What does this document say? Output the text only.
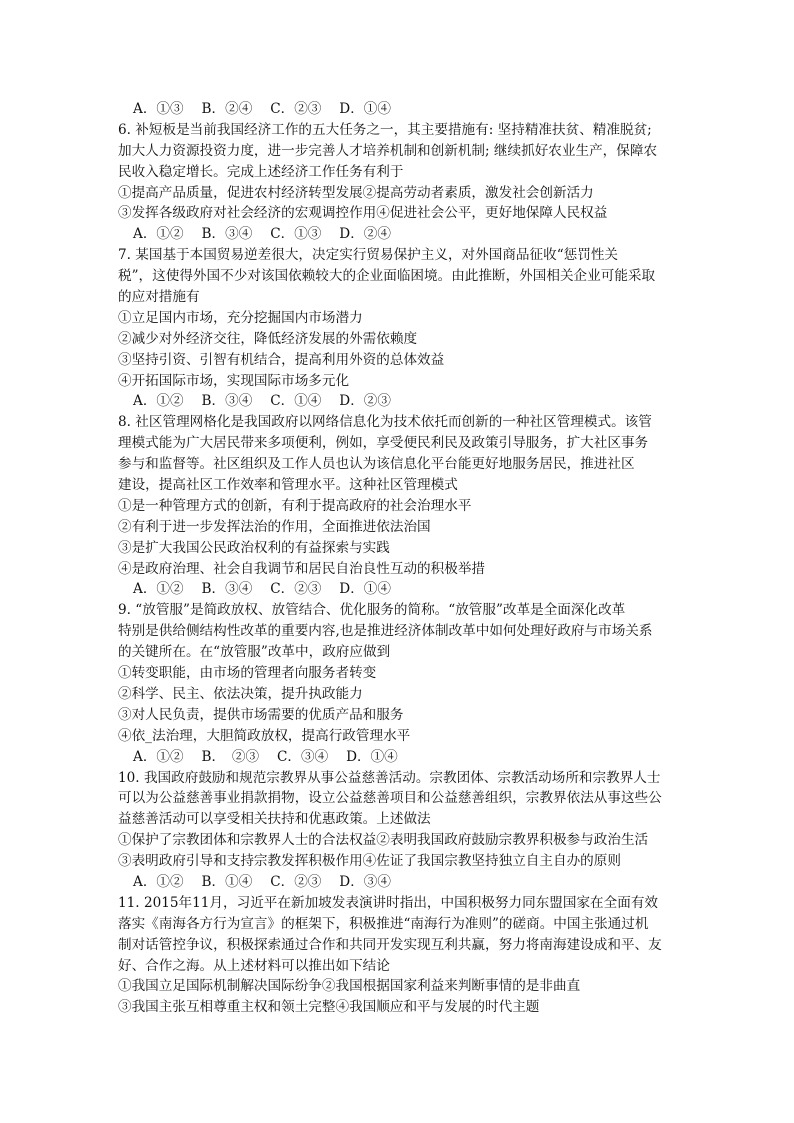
A．①③　 B．②④　 C．②③　 D．①④
6. 补短板是当前我国经济工作的五大任务之一，其主要措施有: 坚持精准扶贫、精准脱贫;
加大人力资源投资力度，进一步完善人才培养机制和创新机制; 继续抓好农业生产，保障农
民收入稳定增长。完成上述经济工作任务有利于
①提高产品质量，促进农村经济转型发展②提高劳动者素质，激发社会创新活力
③发挥各级政府对社会经济的宏观调控作用④促进社会公平，更好地保障人民权益
A．①②　 B．③④　 C．①③　 D．②④
7. 某国基于本国贸易逆差很大，决定实行贸易保护主义，对外国商品征收“惩罚性关
税”，这使得外国不少对该国依赖较大的企业面临困境。由此推断，外国相关企业可能采取
的应对措施有
①立足国内市场，充分挖掘国内市场潜力
②减少对外经济交往，降低经济发展的外需依赖度
③坚持引资、引智有机结合，提高利用外资的总体效益
④开拓国际市场，实现国际市场多元化
A．①②　 B．③④　 C．①④　 D．②③
8. 社区管理网格化是我国政府以网络信息化为技术依托而创新的一种社区管理模式。该管
理模式能为广大居民带来多项便利，例如，享受便民利民及政策引导服务，扩大社区事务
参与和监督等。社区组织及工作人员也认为该信息化平台能更好地服务居民，推进社区
建设，提高社区工作效率和管理水平。这种社区管理模式
①是一种管理方式的创新，有利于提高政府的社会治理水平
②有利于进一步发挥法治的作用，全面推进依法治国
③是扩大我国公民政治权利的有益探索与实践
④是政府治理、社会自我调节和居民自治良性互动的积极举措
A．①②　 B．③④　 C．②③　 D．①④
9. “放管服”是简政放权、放管结合、优化服务的简称。“放管服”改革是全面深化改革
特别是供给侧结构性改革的重要内容,也是推进经济体制改革中如何处理好政府与市场关系
的关键所在。在“放管服”改革中，政府应做到
①转变职能，由市场的管理者向服务者转变
②科学、民主、依法决策，提升执政能力
③对人民负责，提供市场需要的优质产品和服务
④依_法治理，大胆简政放权，提高行政管理水平
A．①②　 B．　②③　 C．③④　 D．①④
10. 我国政府鼓励和规范宗教界从事公益慈善活动。宗教团体、宗教活动场所和宗教界人士
可以为公益慈善事业捐款捐物，设立公益慈善项目和公益慈善组织，宗教界依法从事这些公
益慈善活动可以享受相关扶持和优惠政策。上述做法
①保护了宗教团体和宗教界人士的合法权益②表明我国政府鼓励宗教界积极参与政治生活
③表明政府引导和支持宗教发挥积极作用④佐证了我国宗教坚持独立自主自办的原则
A．①②　 B．①④　 C．②③　 D．③④
11. 2015年11月，习近平在新加坡发表演讲时指出，中国积极努力同东盟国家在全面有效
落实《南海各方行为宣言》的框架下，积极推进“南海行为准则”的磋商。中国主张通过机
制对话管控争议，积极探索通过合作和共同开发实现互利共赢，努力将南海建设成和平、友
好、合作之海。从上述材料可以推出如下结论
①我国立足国际机制解决国际纷争②我国根据国家利益来判断事情的是非曲直
③我国主张互相尊重主权和领土完整④我国顺应和平与发展的时代主题
